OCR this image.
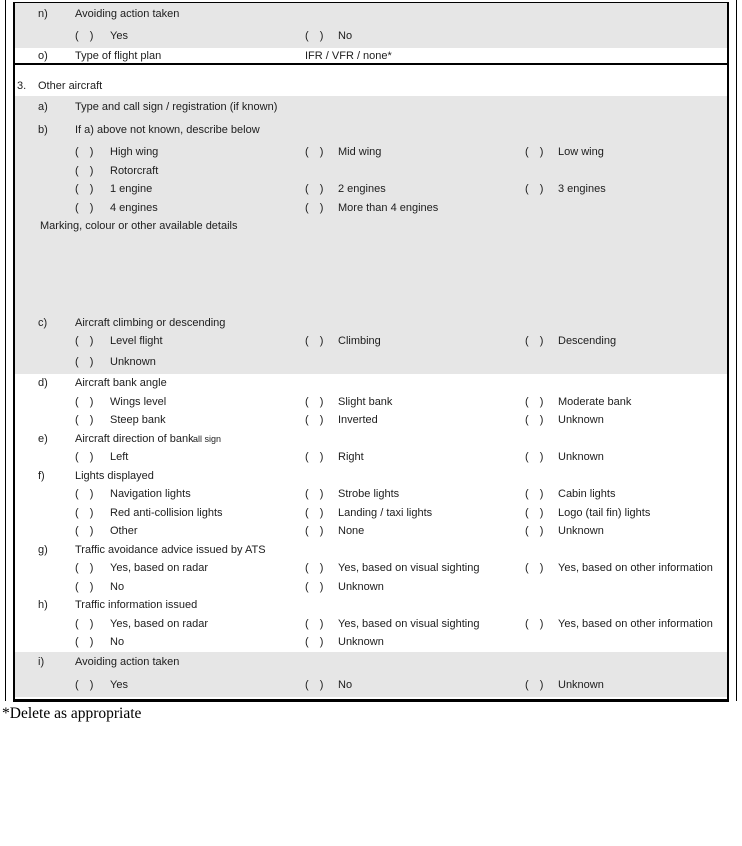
n) Avoiding action taken
( ) Yes	( ) No
o) Type of flight plan	IFR / VFR / none*
3. Other aircraft
a) Type and call sign / registration (if known)
b) If a) above not known, describe below
( ) High wing	( ) Mid wing	( ) Low wing
( ) Rotorcraft
( ) 1 engine	( ) 2 engines	( ) 3 engines
( ) 4 engines	( ) More than 4 engines
Marking, colour or other available details
c)	Aircraft climbing or descending
( ) Level flight	( ) Climbing	( ) Descending
( ) Unknown
d) Aircraft bank angle
( ) Wings level	( ) Slight bank	( ) Moderate bank
( ) Steep bank	( ) Inverted	( ) Unknown
e) Aircraft direction of bank all sign
( ) Left	( ) Right	( ) Unknown
f)	Lights displayed
( ) Navigation lights	( ) Strobe lights	( ) Cabin lights
( ) Red anti-collision lights	( ) Landing / taxi lights	( ) Logo (tail fin) lights
( ) Other	( ) None	( ) Unknown
g) Traffic avoidance advice issued by ATS
( ) Yes, based on radar	( ) Yes, based on visual sighting	( ) Yes, based on other information
( ) No	( ) Unknown
h) Traffic information issued
( ) Yes, based on radar	( ) Yes, based on visual sighting	( ) Yes, based on other information
( ) No	( ) Unknown
i)	Avoiding action taken
( ) Yes	( ) No	( ) Unknown
*Delete as appropriate
